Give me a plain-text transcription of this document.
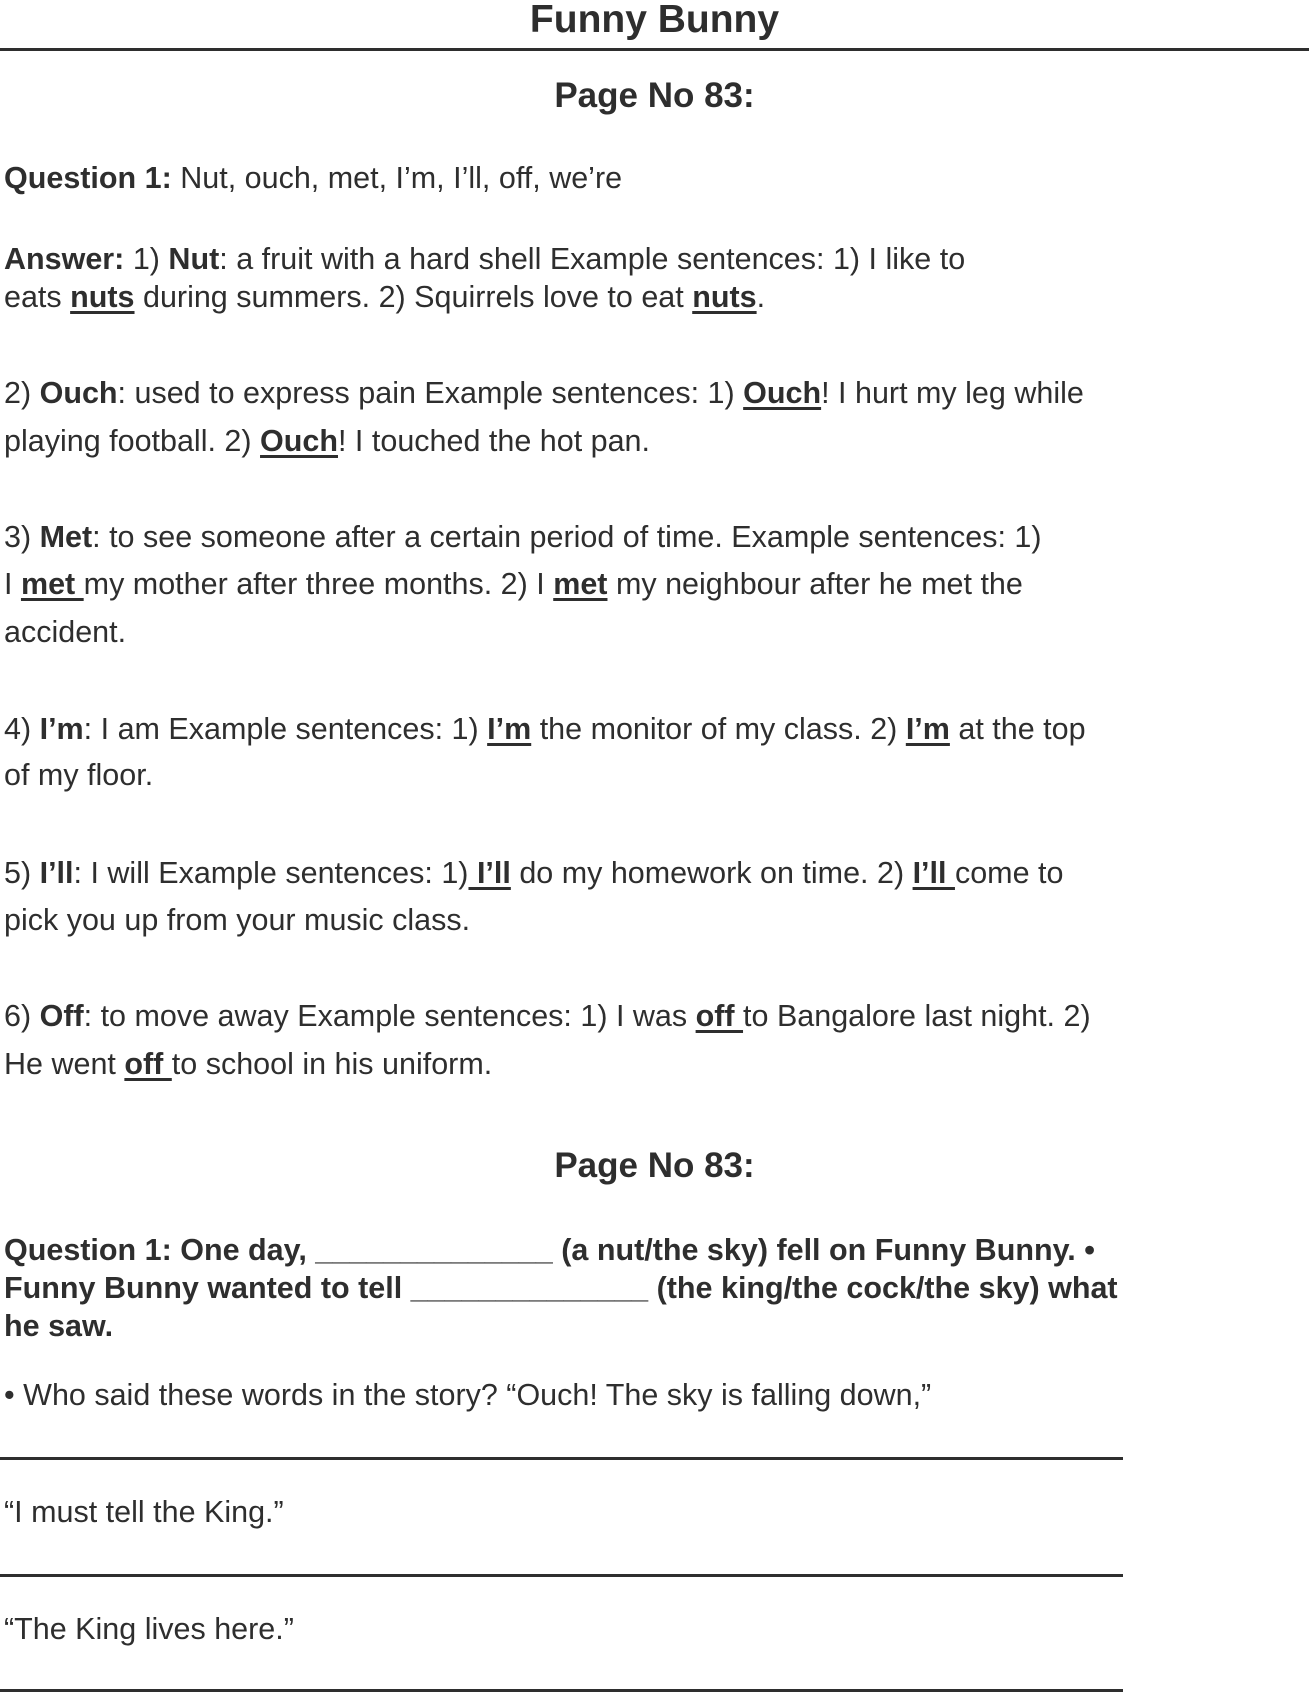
Funny Bunny
Page No 83:
Page No 83:
Question 1: Nut, ouch, met, I’m, I’ll, off, we’re
Answer: 1) Nut: a fruit with a hard shell Example sentences: 1) I like to
eats nuts during summers. 2) Squirrels love to eat nuts.
2) Ouch: used to express pain Example sentences: 1) Ouch! I hurt my leg while
playing football. 2) Ouch! I touched the hot pan.
3) Met: to see someone after a certain period of time. Example sentences: 1)
I met my mother after three months. 2) I met my neighbour after he met the
accident.
4) I’m: I am Example sentences: 1) I’m the monitor of my class. 2) I’m at the top
of my floor.
5) I’ll: I will Example sentences: 1) I’ll do my homework on time. 2) I’ll come to
pick you up from your music class.
6) Off: to move away Example sentences: 1) I was off to Bangalore last night. 2)
He went off to school in his uniform.
Question 1: One day, ______________ (a nut/the sky) fell on Funny Bunny. •
Funny Bunny wanted to tell ______________ (the king/the cock/the sky) what
he saw.
• Who said these words in the story? “Ouch! The sky is falling down,”
“I must tell the King.”
“The King lives here.”
